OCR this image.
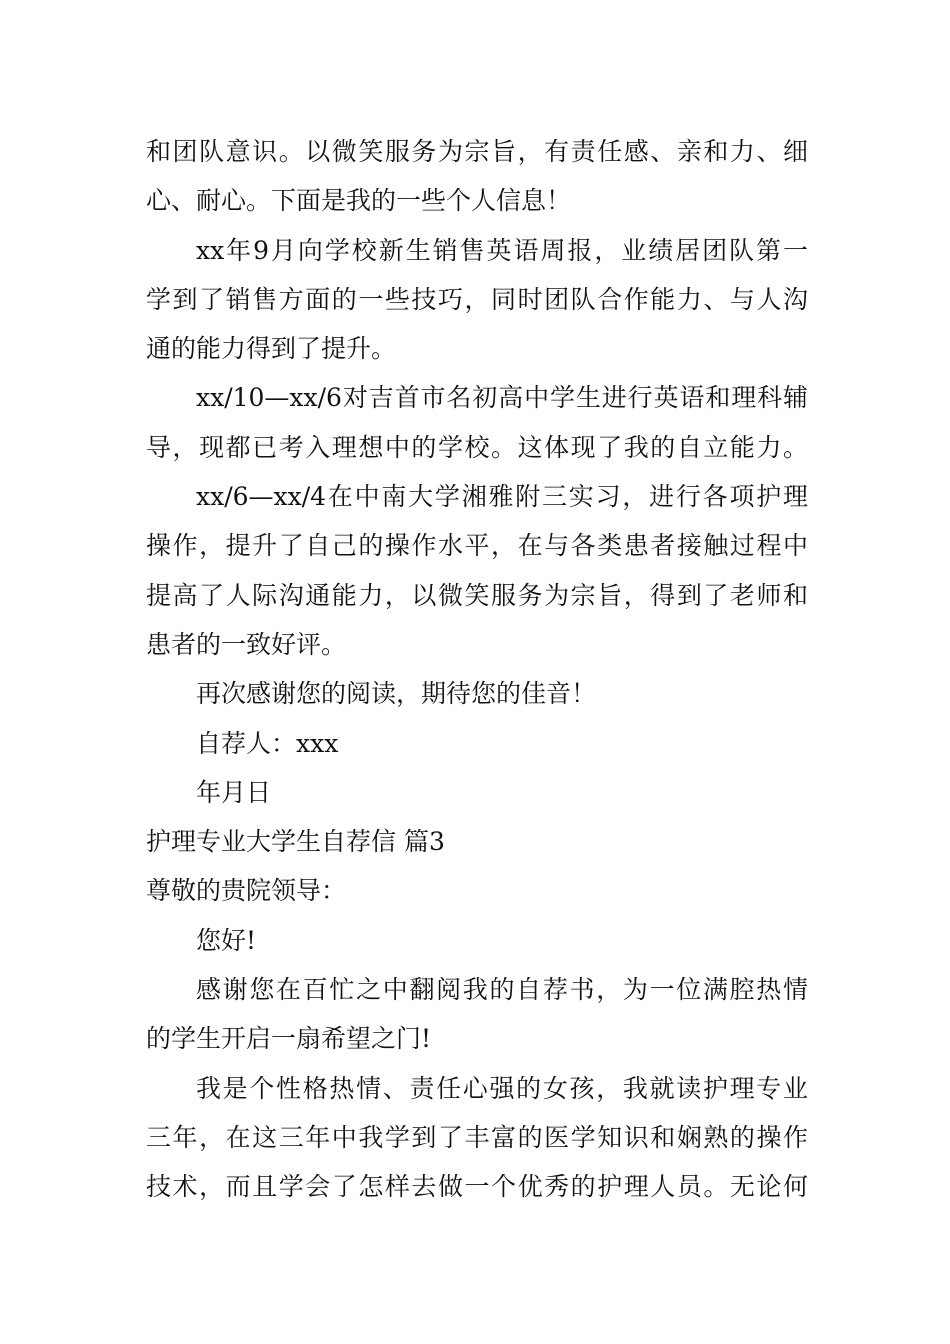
和团队意识。以微笑服务为宗旨，有责任感、亲和力、细
心、耐心。下面是我的一些个人信息！
xx年9月向学校新生销售英语周报，业绩居团队第一
学到了销售方面的一些技巧，同时团队合作能力、与人沟
通的能力得到了提升。
xx/10—xx/6对吉首市名初高中学生进行英语和理科辅
导，现都已考入理想中的学校。这体现了我的自立能力。
xx/6—xx/4在中南大学湘雅附三实习，进行各项护理
操作，提升了自己的操作水平，在与各类患者接触过程中
提高了人际沟通能力，以微笑服务为宗旨，得到了老师和
患者的一致好评。
再次感谢您的阅读，期待您的佳音！
自荐人：xxx
年月日
护理专业大学生自荐信 篇3
尊敬的贵院领导：
您好!
感谢您在百忙之中翻阅我的自荐书，为一位满腔热情
的学生开启一扇希望之门!
我是个性格热情、责任心强的女孩，我就读护理专业
三年，在这三年中我学到了丰富的医学知识和娴熟的操作
技术，而且学会了怎样去做一个优秀的护理人员。无论何
